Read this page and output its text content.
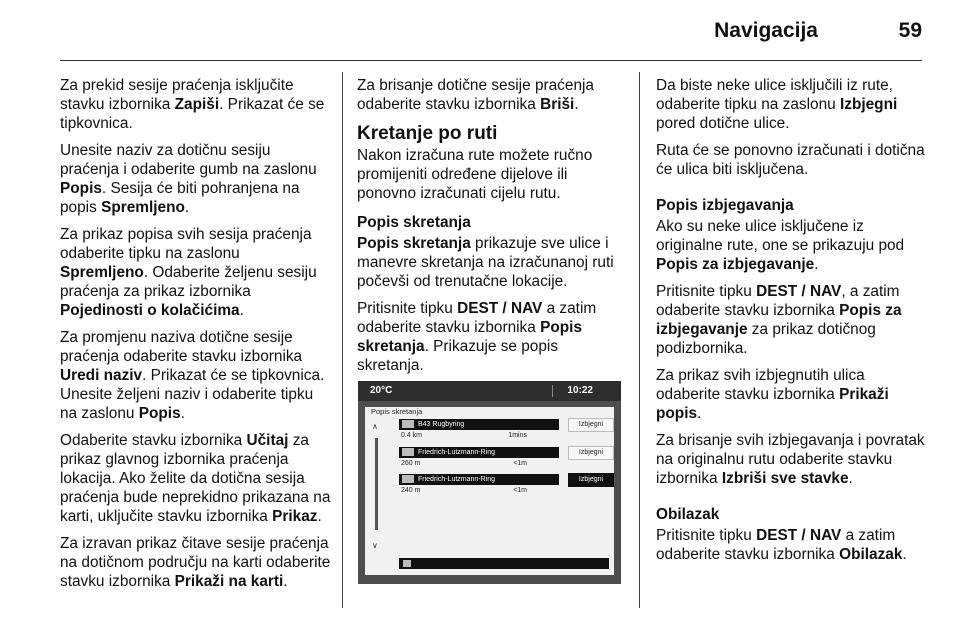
Navigacija	59

Za prekid sesije praćenja isključite stavku izbornika Zapiši. Prikazat će se tipkovnica.

Unesite naziv za dotičnu sesiju praćenja i odaberite gumb na zaslonu Popis. Sesija će biti pohranjena na popis Spremljeno.

Za prikaz popisa svih sesija praćenja odaberite tipku na zaslonu Spremljeno. Odaberite željenu sesiju praćenja za prikaz izbornika Pojedinosti o kolačićima.

Za promjenu naziva dotične sesije praćenja odaberite stavku izbornika Uredi naziv. Prikazat će se tipkovnica. Unesite željeni naziv i odaberite tipku na zaslonu Popis.

Odaberite stavku izbornika Učitaj za prikaz glavnog izbornika praćenja lokacija. Ako želite da dotična sesija praćenja bude neprekidno prikazana na karti, uključite stavku izbornika Prikaz.

Za izravan prikaz čitave sesije praćenja na dotičnom području na karti odaberite stavku izbornika Prikaži na karti.

Za brisanje dotične sesije praćenja odaberite stavku izbornika Briši.

Kretanje po ruti

Nakon izračuna rute možete ručno promijeniti određene dijelove ili ponovno izračunati cijelu rutu.

Popis skretanja

Popis skretanja prikazuje sve ulice i manevre skretanja na izračunanoj ruti počevši od trenutačne lokacije.

Pritisnite tipku DEST / NAV a zatim odaberite stavku izbornika Popis skretanja. Prikazuje se popis skretanja.

20°C	10:22
Popis skretanja
∧
∨
B43 Rugbyring
0.4 km	1mins
Izbjegni
Friedrich-Lutzmann-Ring
260 m	<1m
Izbjegni
Friedrich-Lutzmann-Ring
240 m	<1m
Izbjegni

Da biste neke ulice isključili iz rute, odaberite tipku na zaslonu Izbjegni pored dotične ulice.

Ruta će se ponovno izračunati i dotična će ulica biti isključena.

Popis izbjegavanja

Ako su neke ulice isključene iz originalne rute, one se prikazuju pod Popis za izbjegavanje.

Pritisnite tipku DEST / NAV, a zatim odaberite stavku izbornika Popis za izbjegavanje za prikaz dotičnog podizbornika.

Za prikaz svih izbjegnutih ulica odaberite stavku izbornika Prikaži popis.

Za brisanje svih izbjegavanja i povratak na originalnu rutu odaberite stavku izbornika Izbriši sve stavke.

Obilazak

Pritisnite tipku DEST / NAV a zatim odaberite stavku izbornika Obilazak.
